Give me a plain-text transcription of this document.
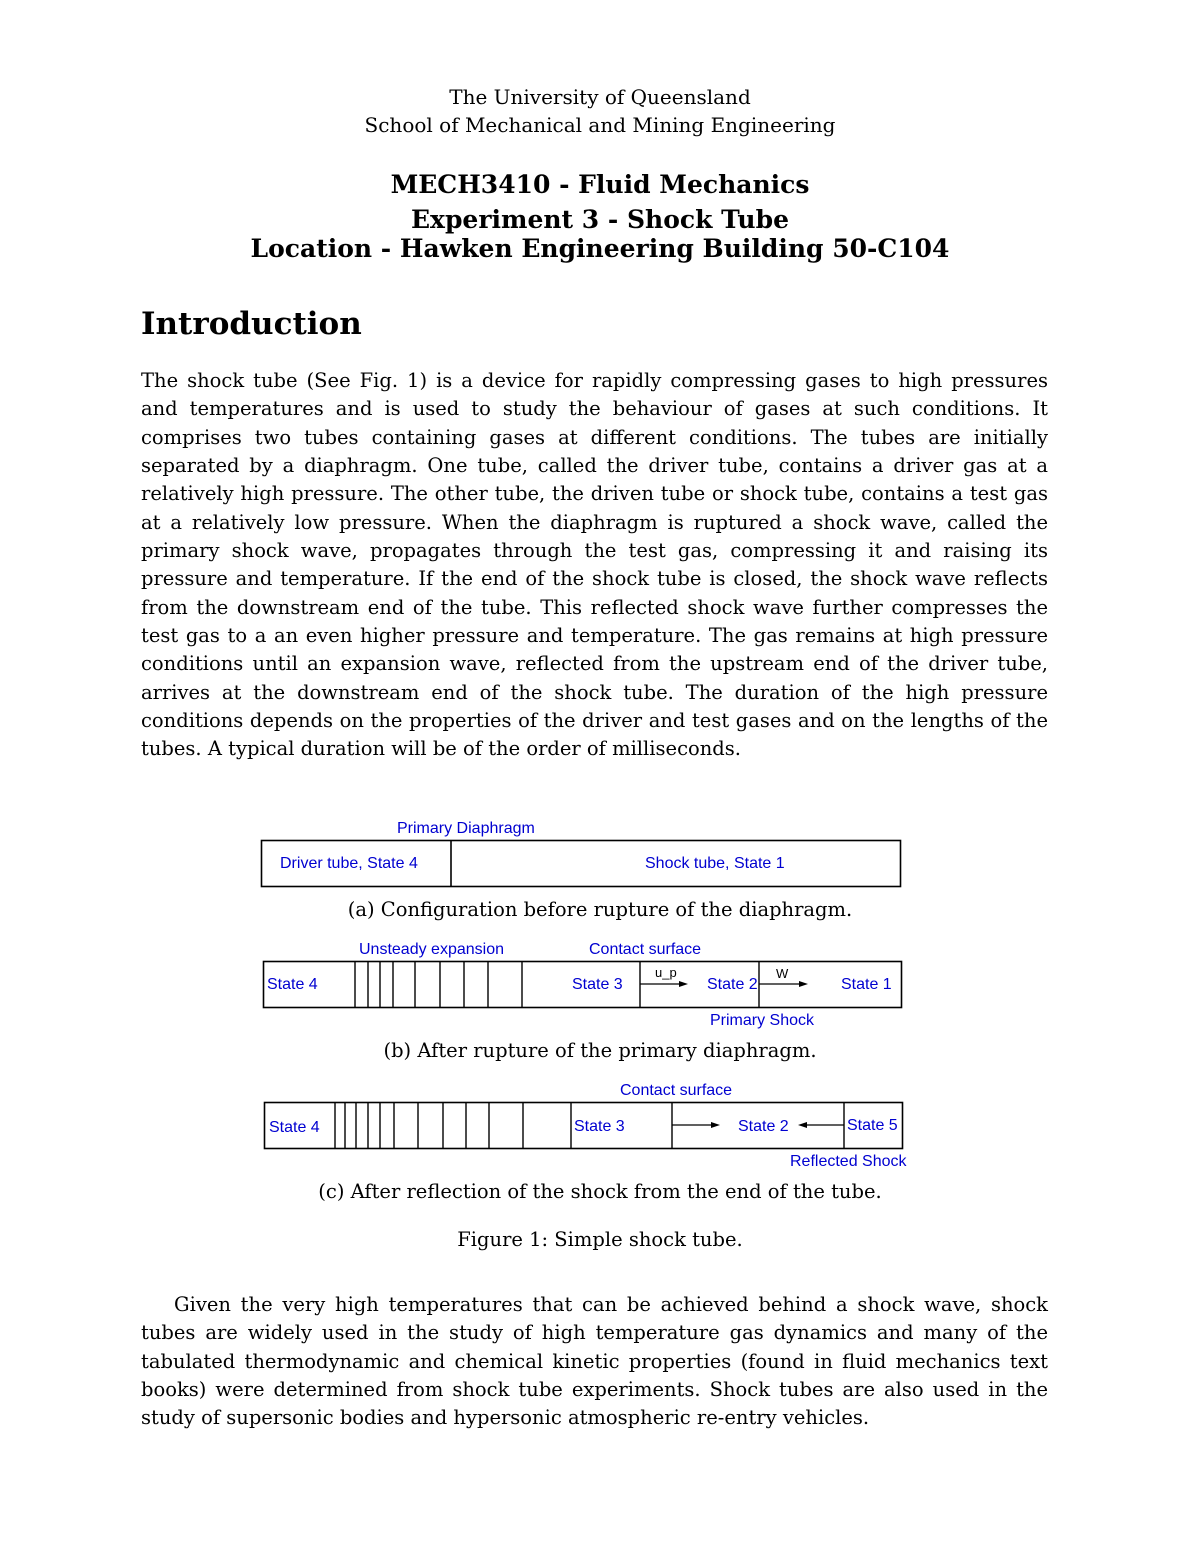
The University of Queensland
School of Mechanical and Mining Engineering
MECH3410 - Fluid Mechanics
Experiment 3 - Shock Tube
Location - Hawken Engineering Building 50-C104
Introduction

The shock tube (See Fig. 1) is a device for rapidly compressing gases to high pressures and temperatures and is used to study the behaviour of gases at such conditions. It comprises two tubes containing gases at different conditions. The tubes are initially separated by a diaphragm. One tube, called the driver tube, contains a driver gas at a relatively high pressure. The other tube, the driven tube or shock tube, contains a test gas at a relatively low pressure. When the diaphragm is ruptured a shock wave, called the primary shock wave, propagates through the test gas, compressing it and raising its pressure and temperature. If the end of the shock tube is closed, the shock wave reflects from the downstream end of the tube. This reflected shock wave further compresses the test gas to a an even higher pressure and temperature. The gas remains at high pressure conditions until an expansion wave, reflected from the upstream end of the driver tube, arrives at the downstream end of the shock tube. The duration of the high pressure conditions depends on the properties of the driver and test gases and on the lengths of the tubes. A typical duration will be of the order of milliseconds.

Primary Diaphragm
Driver tube, State 4	Shock tube, State 1
Unsteady expansion	Contact surface
u_p	W
State 4	State 3	State 2	State 1
Primary Shock
Contact surface
State 4	State 3	State 2	State 5
Reflected Shock
(a) Configuration before rupture of the diaphragm.
(b) After rupture of the primary diaphragm.
(c) After reflection of the shock from the end of the tube.
Figure 1: Simple shock tube.

Given the very high temperatures that can be achieved behind a shock wave, shock tubes are widely used in the study of high temperature gas dynamics and many of the tabulated thermodynamic and chemical kinetic properties (found in fluid mechanics text books) were determined from shock tube experiments. Shock tubes are also used in the study of supersonic bodies and hypersonic atmospheric re-entry vehicles.
